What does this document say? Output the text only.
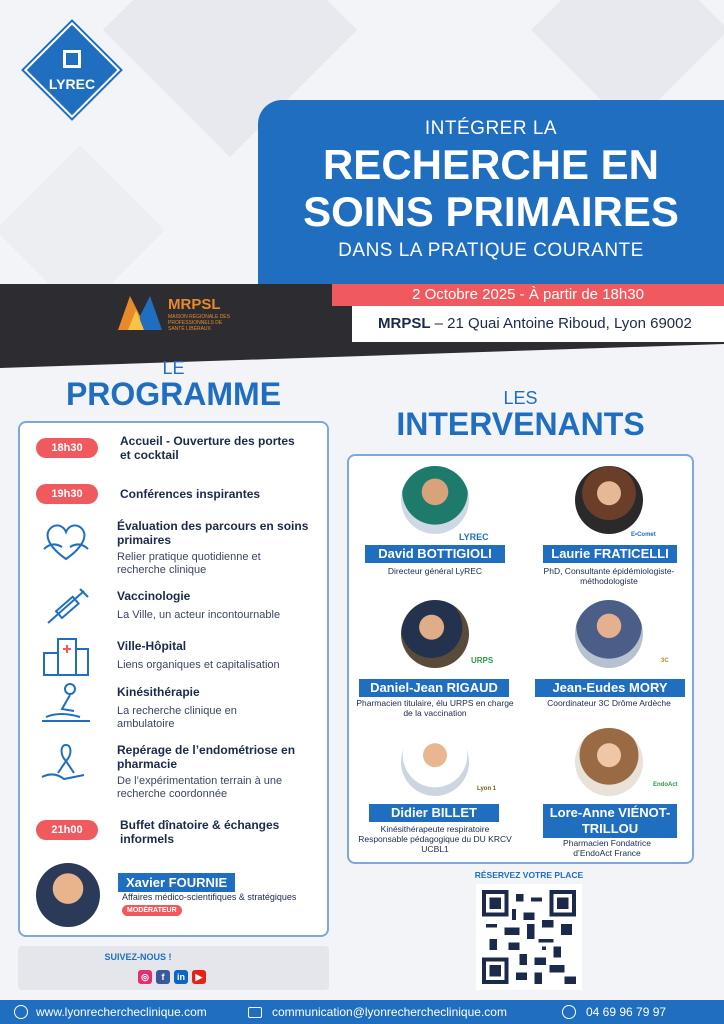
LYREC
INTÉGRER LA
RECHERCHE EN
SOINS PRIMAIRES
DANS LA PRATIQUE COURANTE
MRPSL
MAISON RÉGIONALE DES PROFESSIONNELS DE SANTÉ LIBÉRAUX
2 Octobre 2025 - À partir de 18h30
MRPSL – 21 Quai Antoine Riboud, Lyon 69002
LE
PROGRAMME
18h30	Accueil - Ouverture des portes et cocktail
19h30	Conférences inspirantes
Évaluation des parcours en soins primaires
Relier pratique quotidienne et recherche clinique
Vaccinologie
La Ville, un acteur incontournable
Ville-Hôpital
Liens organiques et capitalisation
Kinésithérapie
La recherche clinique en ambulatoire
Repérage de l’endométriose en pharmacie
De l’expérimentation terrain à une recherche coordonnée
21h00	Buffet dînatoire & échanges informels
Xavier FOURNIE
Affaires médico-scientifiques & stratégiques
MODÉRATEUR
SUIVEZ-NOUS !
◎	f	in	▶
LES
INTERVENANTS
LYREC
David BOTTIGIOLI
Directeur général LyREC
E•Comet
Laurie FRATICELLI
PhD, Consultante épidémiologiste-méthodologiste
URPS
Daniel-Jean RIGAUD
Pharmacien titulaire, élu URPS en charge de la vaccination
3C
Jean-Eudes MORY
Coordinateur 3C Drôme Ardèche
Lyon 1
Didier BILLET
Kinésithérapeute respiratoire Responsable pédagogique du DU KRCV UCBL1
EndoAct
Lore-Anne VIÉNOT-TRILLOU
Pharmacien Fondatrice d’EndoAct France
RÉSERVEZ VOTRE PLACE
www.lyonrechercheclinique.com	communication@lyonrechercheclinique.com	04 69 96 79 97
